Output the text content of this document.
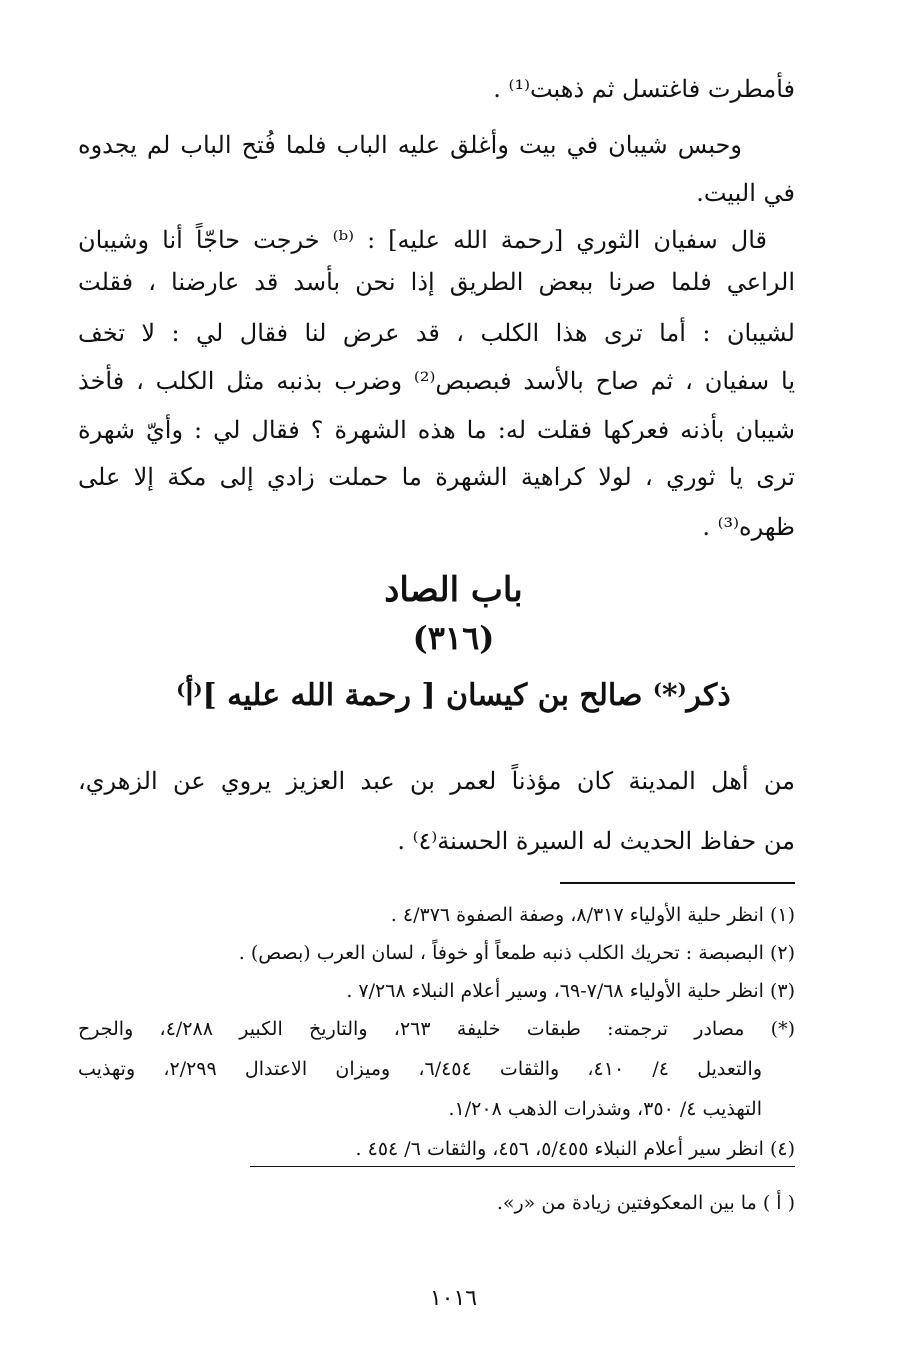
فأمطرت فاغتسل ثم ذهبت⁽¹⁾ .
وحبس شيبان في بيت وأغلق عليه الباب فلما فُتح الباب لم يجدوه
في البيت.
قال سفيان الثوري [رحمة الله عليه] : ⁽ᵇ⁾ خرجت حاجّاً أنا وشيبان
الراعي فلما صرنا ببعض الطريق إذا نحن بأسد قد عارضنا ، فقلت
لشيبان : أما ترى هذا الكلب ، قد عرض لنا فقال لي : لا تخف
يا سفيان ، ثم صاح بالأسد فبصبص⁽²⁾ وضرب بذنبه مثل الكلب ، فأخذ
شيبان بأذنه فعركها فقلت له: ما هذه الشهرة ؟ فقال لي : وأيّ شهرة
ترى يا ثوري ، لولا كراهية الشهرة ما حملت زادي إلى مكة إلا على
ظهره⁽³⁾ .
باب الصاد
(٣١٦)
ذكر⁽*⁾ صالح بن كيسان [ رحمة الله عليه ]⁽أ⁾
من أهل المدينة كان مؤذناً لعمر بن عبد العزيز يروي عن الزهري،
من حفاظ الحديث له السيرة الحسنة⁽٤⁾ .
(١) انظر حلية الأولياء ٨/٣١٧، وصفة الصفوة ٤/٣٧٦ .
(٢) البصبصة : تحريك الكلب ذنبه طمعاً أو خوفاً ، لسان العرب (بصص) .
(٣) انظر حلية الأولياء ٧/٦٨-٦٩، وسير أعلام النبلاء ٧/٢٦٨ .
(*) مصادر ترجمته: طبقات خليفة ٢٦٣، والتاريخ الكبير ٤/٢٨٨، والجرح
والتعديل ٤/ ٤١٠، والثقات ٦/٤٥٤، وميزان الاعتدال ٢/٢٩٩، وتهذيب
التهذيب ٤/ ٣٥٠، وشذرات الذهب ١/٢٠٨.
(٤) انظر سير أعلام النبلاء ٥/٤٥٥، ٤٥٦، والثقات ٦/ ٤٥٤ .
( أ ) ما بين المعكوفتين زيادة من «ر».
١٠١٦
